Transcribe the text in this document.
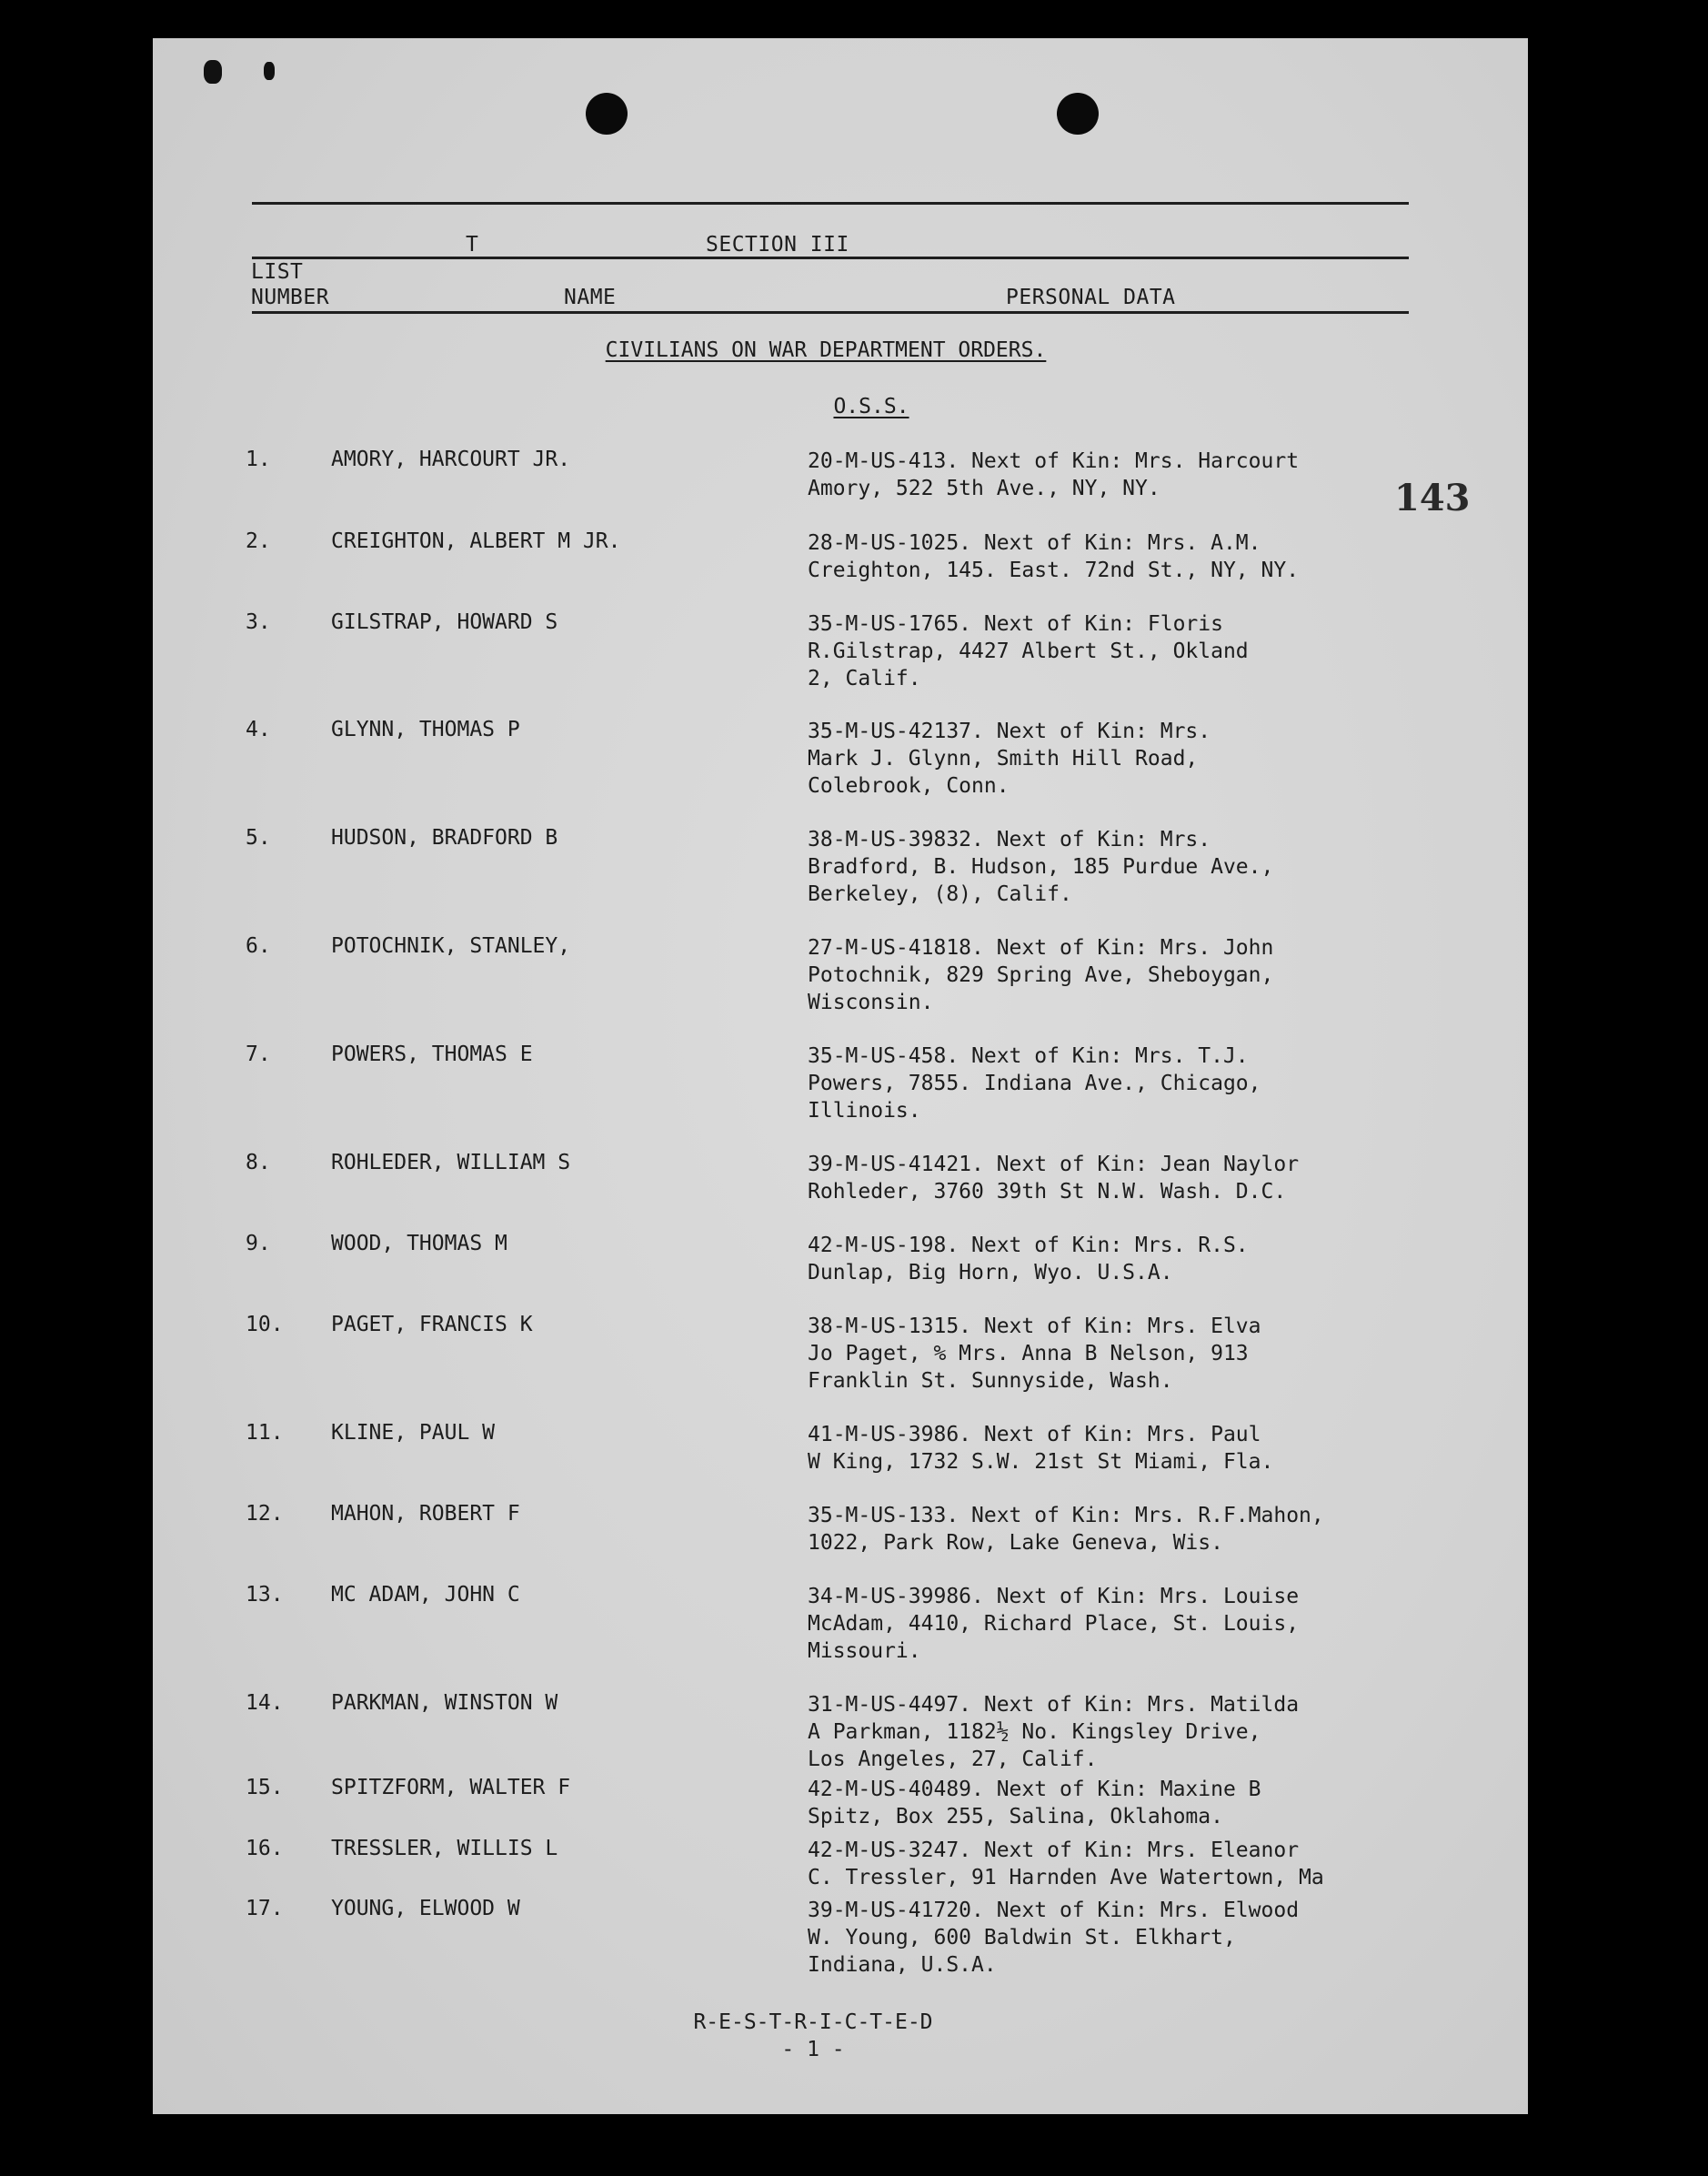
T	SECTION III
LIST
NUMBER	NAME	PERSONAL DATA
CIVILIANS ON WAR DEPARTMENT ORDERS.
O.S.S.
143
1.	AMORY, HARCOURT JR.	20-M-US-413. Next of Kin: Mrs. Harcourt
Amory, 522 5th Ave., NY, NY.
2.	CREIGHTON, ALBERT M JR.	28-M-US-1025. Next of Kin: Mrs. A.M.
Creighton, 145. East. 72nd St., NY, NY.
3.	GILSTRAP, HOWARD S	35-M-US-1765. Next of Kin: Floris
R.Gilstrap, 4427 Albert St., Okland
2, Calif.
4.	GLYNN, THOMAS P	35-M-US-42137. Next of Kin: Mrs.
Mark J. Glynn, Smith Hill Road,
Colebrook, Conn.
5.	HUDSON, BRADFORD B	38-M-US-39832. Next of Kin: Mrs.
Bradford, B. Hudson, 185 Purdue Ave.,
Berkeley, (8), Calif.
6.	POTOCHNIK, STANLEY,	27-M-US-41818. Next of Kin: Mrs. John
Potochnik, 829 Spring Ave, Sheboygan,
Wisconsin.
7.	POWERS, THOMAS E	35-M-US-458. Next of Kin: Mrs. T.J.
Powers, 7855. Indiana Ave., Chicago,
Illinois.
8.	ROHLEDER, WILLIAM S	39-M-US-41421. Next of Kin: Jean Naylor
Rohleder, 3760 39th St N.W. Wash. D.C.
9.	WOOD, THOMAS M	42-M-US-198. Next of Kin: Mrs. R.S.
Dunlap, Big Horn, Wyo. U.S.A.
10. PAGET, FRANCIS K	38-M-US-1315. Next of Kin: Mrs. Elva
Jo Paget, % Mrs. Anna B Nelson, 913
Franklin St. Sunnyside, Wash.
11. KLINE, PAUL W	41-M-US-3986. Next of Kin: Mrs. Paul
W King, 1732 S.W. 21st St Miami, Fla.
12. MAHON, ROBERT F	35-M-US-133. Next of Kin: Mrs. R.F.Mahon,
1022, Park Row, Lake Geneva, Wis.
13. MC ADAM, JOHN C	34-M-US-39986. Next of Kin: Mrs. Louise
McAdam, 4410, Richard Place, St. Louis,
Missouri.
14. PARKMAN, WINSTON W	31-M-US-4497. Next of Kin: Mrs. Matilda
A Parkman, 1182½ No. Kingsley Drive,
Los Angeles, 27, Calif.
15. SPITZFORM, WALTER F	42-M-US-40489. Next of Kin: Maxine B
Spitz, Box 255, Salina, Oklahoma.
16. TRESSLER, WILLIS L	42-M-US-3247. Next of Kin: Mrs. Eleanor
C. Tressler, 91 Harnden Ave Watertown, Ma
17. YOUNG, ELWOOD W	39-M-US-41720. Next of Kin: Mrs. Elwood
W. Young, 600 Baldwin St. Elkhart,
Indiana, U.S.A.
R-E-S-T-R-I-C-T-E-D
- 1 -
